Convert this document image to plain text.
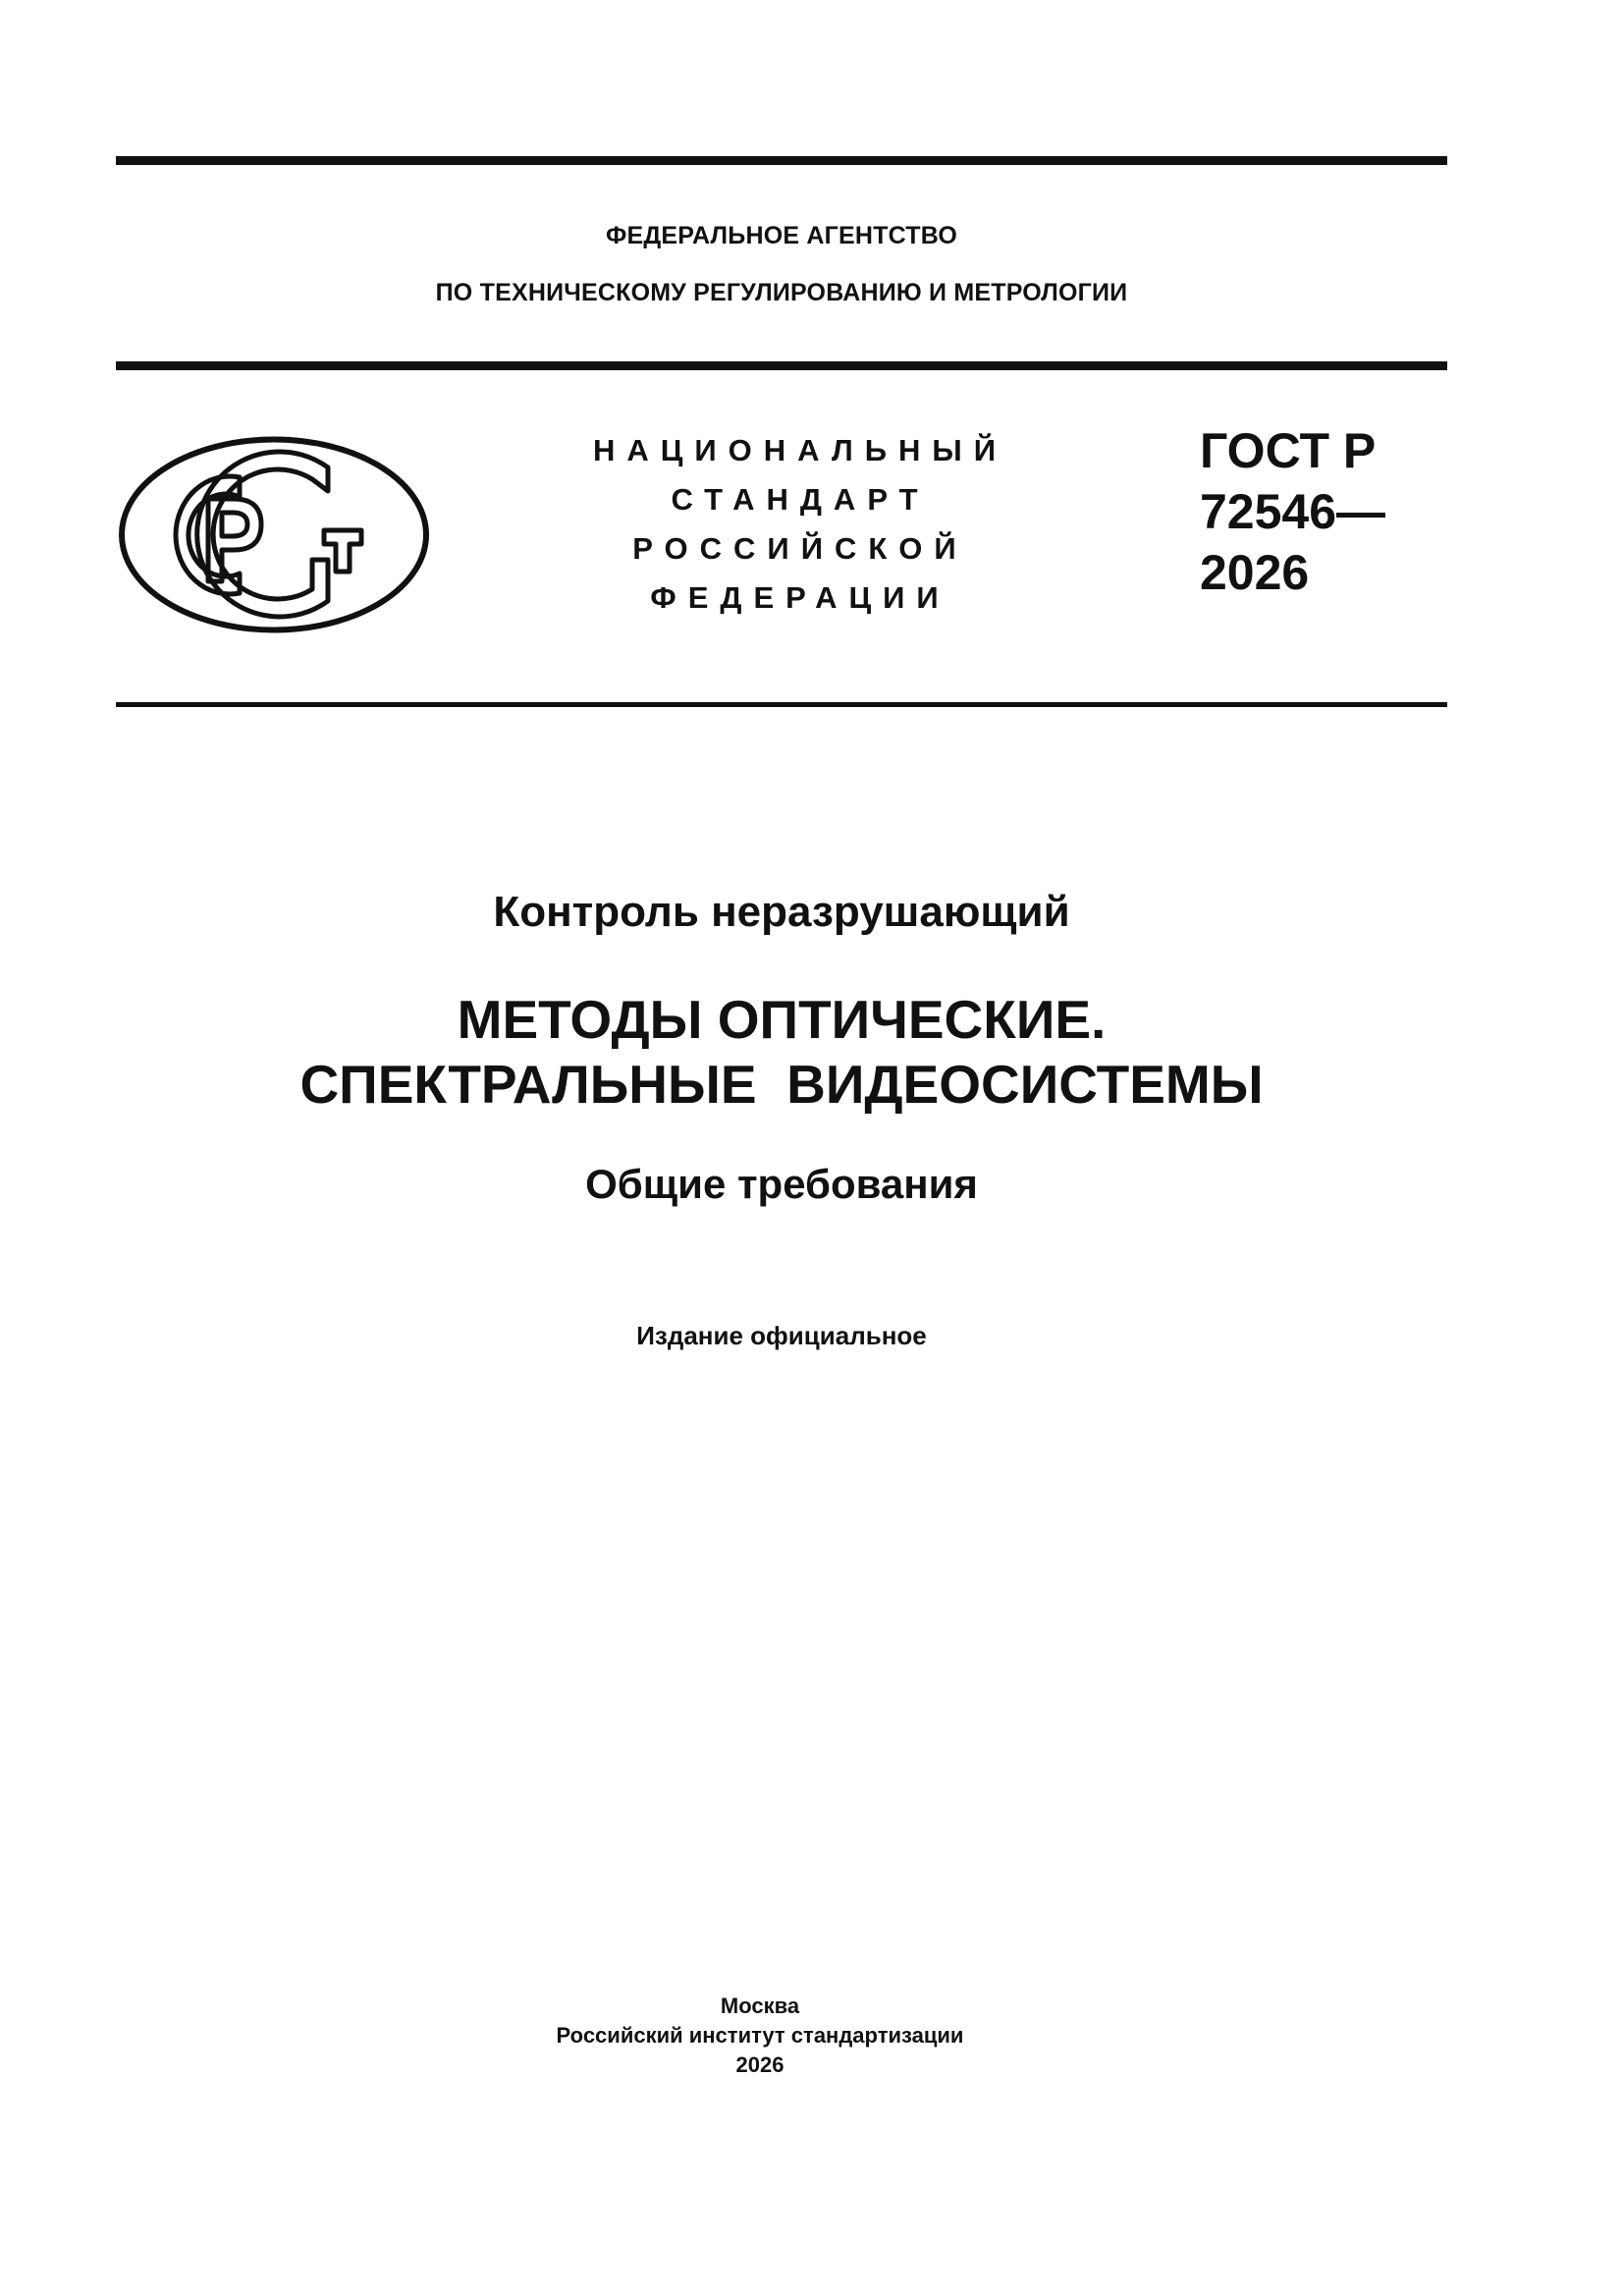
ФЕДЕРАЛЬНОЕ АГЕНТСТВО
ПО ТЕХНИЧЕСКОМУ РЕГУЛИРОВАНИЮ И МЕТРОЛОГИИ
НАЦИОНАЛЬНЫЙ
СТАНДАРТ
РОССИЙСКОЙ
ФЕДЕРАЦИИ
ГОСТ Р
72546—
2026
Контроль неразрушающий
МЕТОДЫ ОПТИЧЕСКИЕ.
СПЕКТРАЛЬНЫЕ  ВИДЕОСИСТЕМЫ
Общие требования
Издание официальное
Москва
Российский институт стандартизации
2026
